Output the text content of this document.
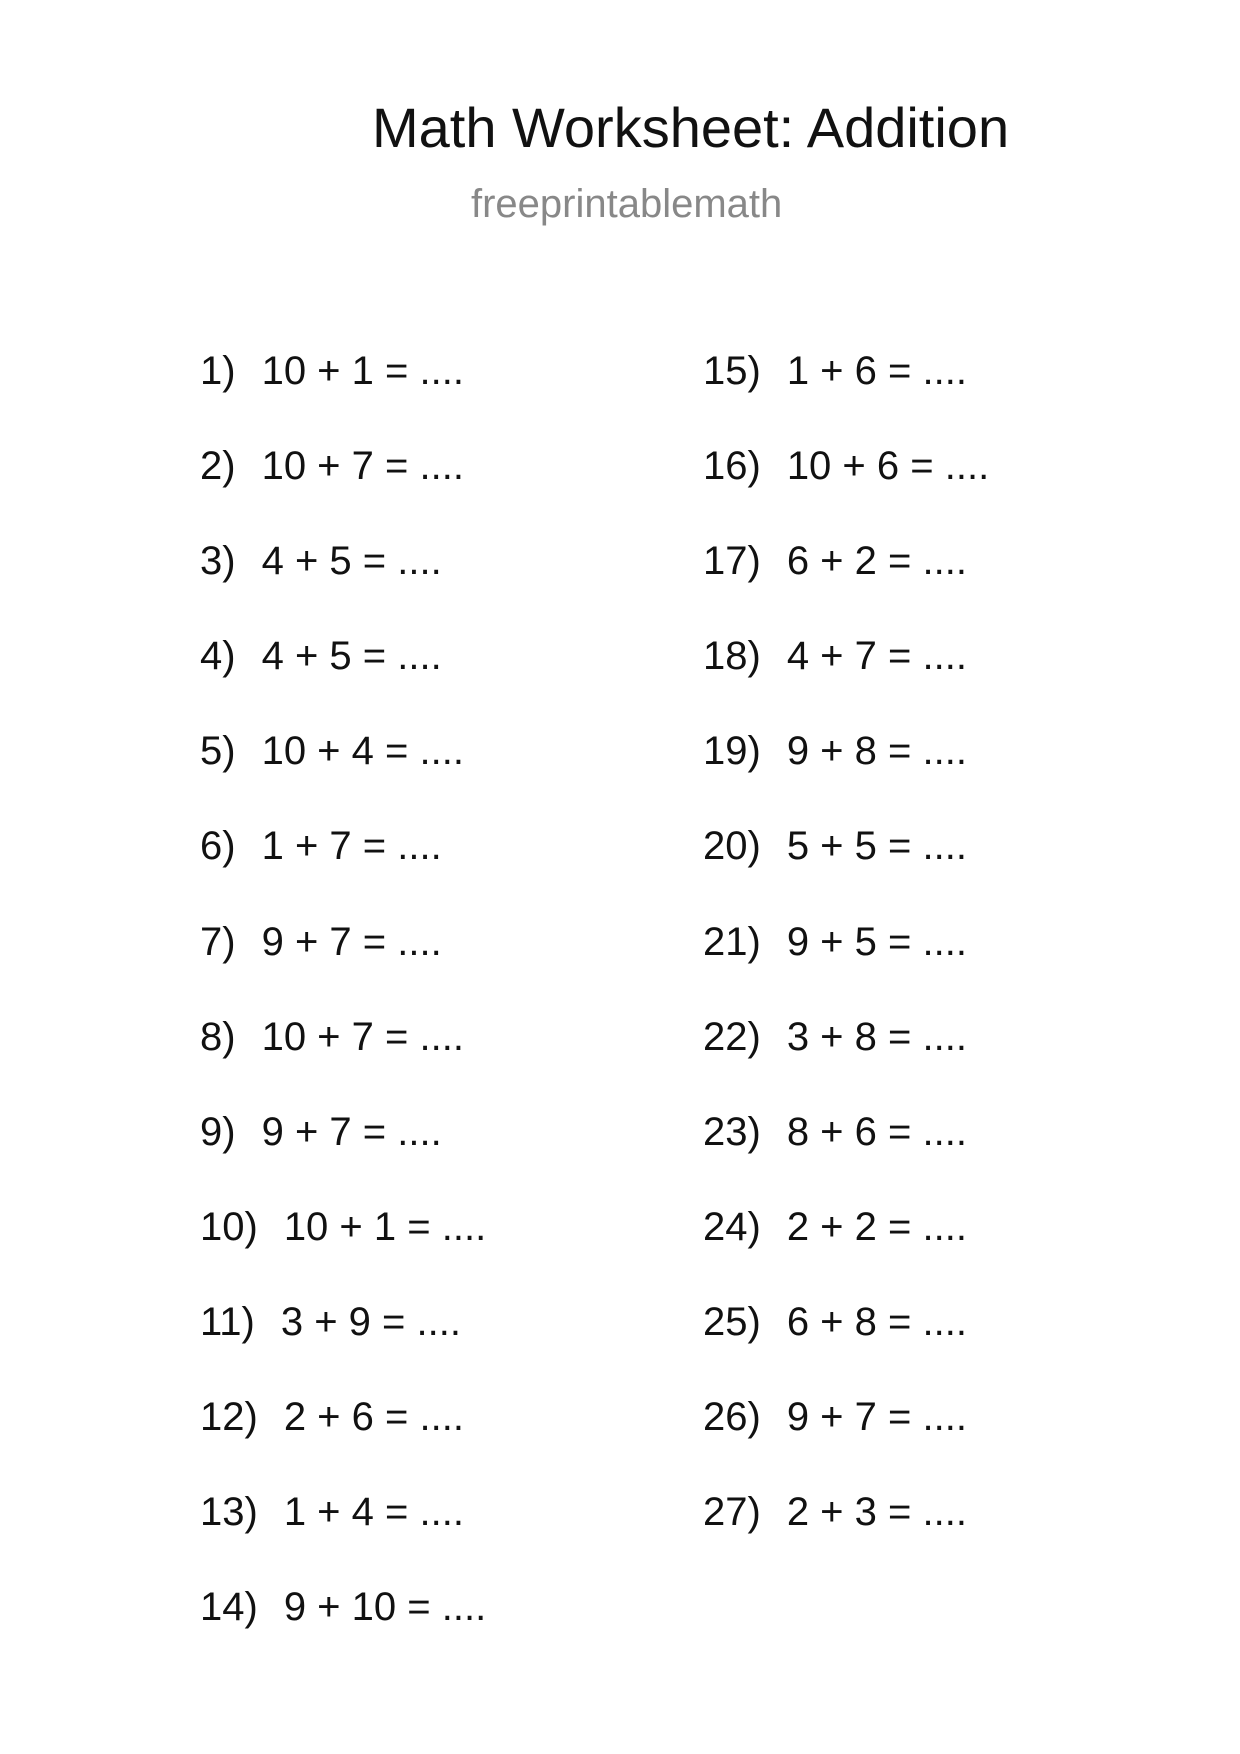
Math Worksheet: Addition
freeprintablemath
1) 10 + 1 = ....
2) 10 + 7 = ....
3) 4 + 5 = ....
4) 4 + 5 = ....
5) 10 + 4 = ....
6) 1 + 7 = ....
7) 9 + 7 = ....
8) 10 + 7 = ....
9) 9 + 7 = ....
10) 10 + 1 = ....
11) 3 + 9 = ....
12) 2 + 6 = ....
13) 1 + 4 = ....
14) 9 + 10 = ....
15) 1 + 6 = ....
16) 10 + 6 = ....
17) 6 + 2 = ....
18) 4 + 7 = ....
19) 9 + 8 = ....
20) 5 + 5 = ....
21) 9 + 5 = ....
22) 3 + 8 = ....
23) 8 + 6 = ....
24) 2 + 2 = ....
25) 6 + 8 = ....
26) 9 + 7 = ....
27) 2 + 3 = ....
